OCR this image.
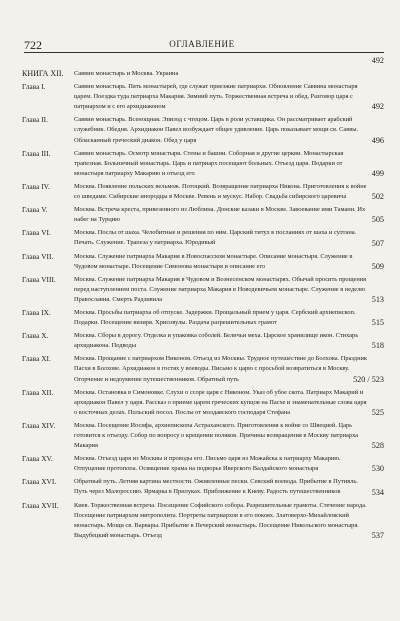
722	ОГЛАВЛЕНИЕ
492
КНИГА XII.	Саввин монастырь и Москва. Украина
Глава I.	Саввин монастырь. Пять монастырей, где служат приезжие патриархи. Обновление Саввина монастыря царем. Поездка туда патриарха Макария. Зимний путь. Торжественная встреча и обед. Разговор царя с патриархом и с его архидиаконом	492
Глава II.	Саввин монастырь. Всенощная. Эпизод с чтецом. Царь в роли уставщика. Он рассматривает арабский служебник. Обедня. Архидиакон Павел возбуждает общее удивление. Царь показывает мощи св. Саввы. Обласканный греческий диакон. Обед у царя	496
Глава III.	Саввин монастырь. Осмотр монастыря. Стены и башни. Соборная и другие церкви. Монастырская трапезная. Больничный монастырь. Царь и патриарх посещают больных. Отъезд царя. Подарки от монастыря патриарху Макарию и отъезд его	499
Глава IV.	Москва. Появление польских вельмож. Потоцкий. Возвращение патриарха Никона. Приготовления к войне со шведами. Сибирские инородцы в Москве. Ревень и мускус. Набор. Свадьба сибирского царевича	502
Глава V.	Москва. Встреча креста, привезенного из Люблина. Донские казаки в Москве. Завоевание ими Тамани. Их набег на Турцию	505
Глава VI.	Москва. Послы от шаха. Челобитные и решения по ним. Царский титул в посланиях от шаха и султана. Печать. Служение. Трапеза у патриарха. Юродивый	507
Глава VII.	Москва. Служение патриарха Макария в Новоспасском монастыре. Описание монастыря. Служение в Чудовом монастыре. Посещение Симонова монастыря и описание его	509
Глава VIII.	Москва. Служение патриарха Макария в Чудовом и Вознесенском монастырях. Обычай просить прощения перед наступлением поста. Служение патриарха Макария в Новодевичьем монастыре. Служение в неделю Православия. Смерть Радзивила	513
Глава IX.	Москва. Просьбы патриарха об отпуске. Задержки. Прощальный прием у царя. Сербский архиепископ. Подарки. Посещение визиря. Хрисовулы. Раздача разрешительных грамот	515
Глава X.	Москва. Сборы в дорогу. Отделка и упаковка соболей. Беличьи меха. Царское хранилище икон. Стихарь архидиакона. Подводы	518
Глава XI.	Москва. Прощание с патриархом Никоном. Отъезд из Москвы. Трудное путешествие до Болхова. Праздник Пасхи в Болхове. Архидиакон в гостях у воеводы. Письмо к царю с просьбой возвратиться в Москву. Огорчение и недоумение путешественников. Обратный путь	520 / 523
Глава XII.	Москва. Остановка в Симоновке. Слухи о ссоре царя с Никоном. Указ об убое скота. Патриарх Макарий и архидиакон Павел у царя. Рассказ о приеме царем греческих купцов на Пасхе и знаменательные слова царя о восточных делах. Польский посол. Послы от молдавского господаря Стефана	525
Глава XIV.	Москва. Посещение Иосифа, архиепископа Астраханского. Приготовления к войне со Швецией. Царь готовится к отъезду. Собор по вопросу о крещении поляков. Причины возвращения в Москву патриарха Макария	528
Глава XV.	Москва. Отъезд царя из Москвы и проводы его. Письмо царя из Можайска к патриарху Макарию. Отпущение протопопа. Освящение храма на подворье Иверского Валдайского монастыря	530
Глава XVI.	Обратный путь. Летняя картина местности. Оживленные пески. Севский воевода. Прибытие в Путивль. Путь через Малороссию. Ярмарка в Прилуках. Приближение к Киеву. Радость путешественников	534
Глава XVII.	Киев. Торжественная встреча. Посещение Софийского собора. Разрешительные грамоты. Стечение народа. Посещение патриархом митрополита. Портреты патриархов в его покоях. Златоверхо-Михайловский монастырь. Мощи св. Варвары. Прибытие в Печерский монастырь. Посещение Никольского монастыря. Выдубецкий монастырь. Отъезд	537
